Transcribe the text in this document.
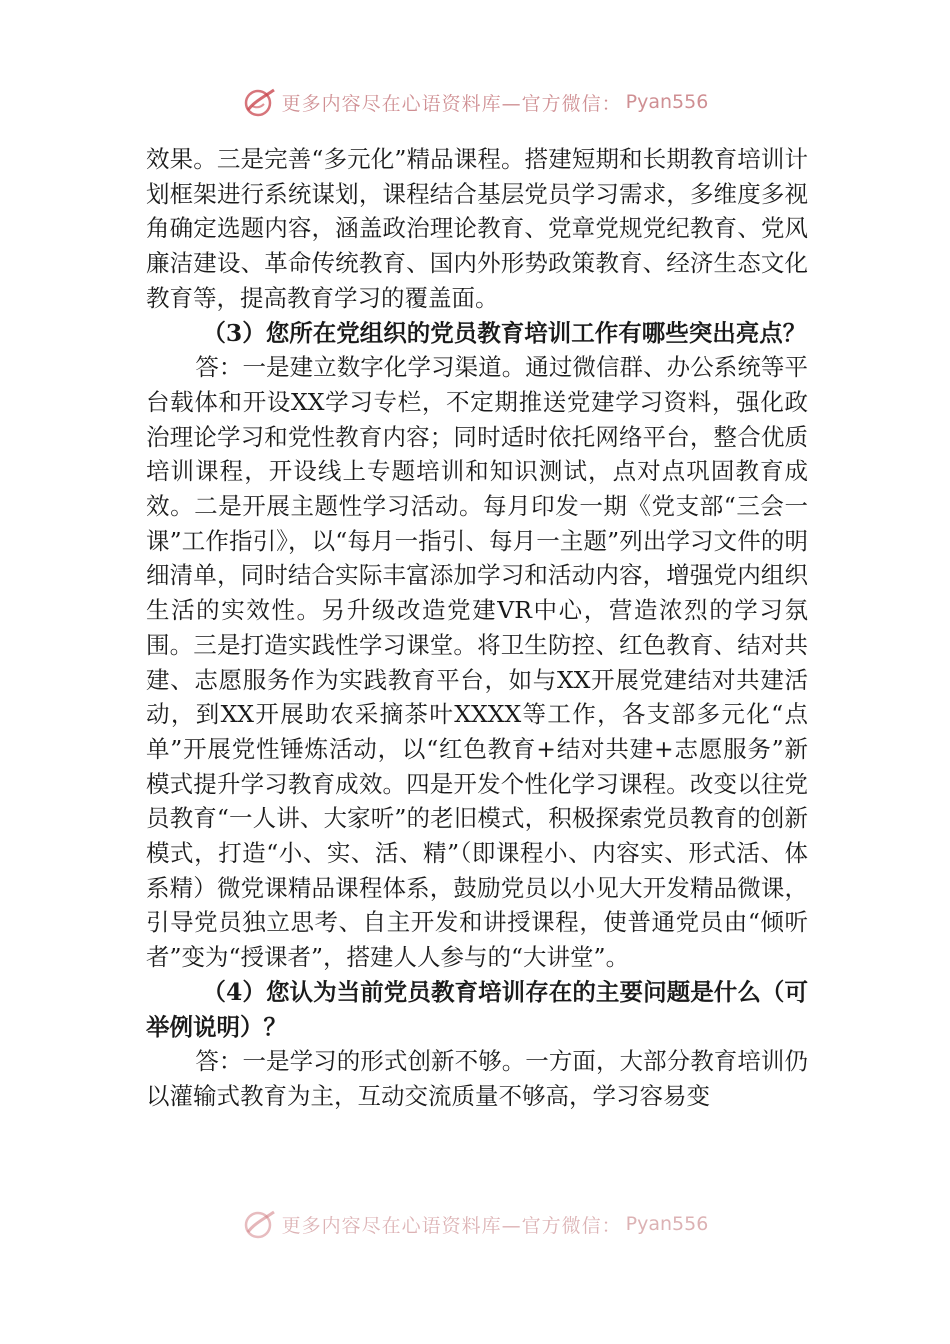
更多内容尽在心语资料库—官方微信： Pyan556

效果。三是完善“多元化”精品课程。搭建短期和长期教育培训计划框架进行系统谋划，课程结合基层党员学习需求，多维度多视角确定选题内容，涵盖政治理论教育、党章党规党纪教育、党风廉洁建设、革命传统教育、国内外形势政策教育、经济生态文化教育等，提高教育学习的覆盖面。

（3）您所在党组织的党员教育培训工作有哪些突出亮点？

答：一是建立数字化学习渠道。通过微信群、办公系统等平台载体和开设XX学习专栏，不定期推送党建学习资料，强化政治理论学习和党性教育内容；同时适时依托网络平台，整合优质培训课程，开设线上专题培训和知识测试，点对点巩固教育成效。二是开展主题性学习活动。每月印发一期《党支部“三会一课”工作指引》，以“每月一指引、每月一主题”列出学习文件的明细清单，同时结合实际丰富添加学习和活动内容，增强党内组织生活的实效性。另升级改造党建VR中心，营造浓烈的学习氛围。三是打造实践性学习课堂。将卫生防控、红色教育、结对共建、志愿服务作为实践教育平台，如与XX开展党建结对共建活动，到XX开展助农采摘茶叶XXXX等工作，各支部多元化“点单”开展党性锤炼活动，以“红色教育+结对共建+志愿服务”新模式提升学习教育成效。四是开发个性化学习课程。改变以往党员教育“一人讲、大家听”的老旧模式，积极探索党员教育的创新模式，打造“小、实、活、精”（即课程小、内容实、形式活、体系精）微党课精品课程体系，鼓励党员以小见大开发精品微课，引导党员独立思考、自主开发和讲授课程，使普通党员由“倾听者”变为“授课者”，搭建人人参与的“大讲堂”。

（4）您认为当前党员教育培训存在的主要问题是什么（可举例说明）？

答：一是学习的形式创新不够。一方面，大部分教育培训仍以灌输式教育为主，互动交流质量不够高，学习容易变

更多内容尽在心语资料库—官方微信： Pyan556
